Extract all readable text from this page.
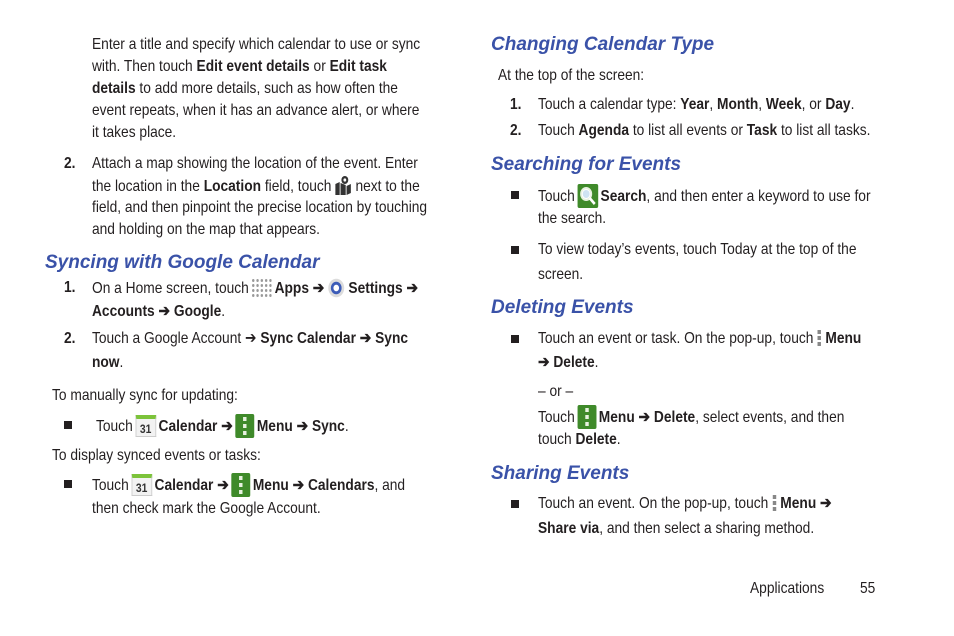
Enter a title and specify which calendar to use or sync
with. Then touch Edit event details or Edit task
details to add more details, such as how often the
event repeats, when it has an advance alert, or where
it takes place.
2. Attach a map showing the location of the event. Enter
the location in the Location field, touch next to the
field, and then pinpoint the precise location by touching
and holding on the map that appears.
Syncing with Google Calendar
1. On a Home screen, touch Apps ➔ Settings ➔
Accounts ➔ Google.
2. Touch a Google Account ➔ Sync Calendar ➔ Sync
now.
To manually sync for updating:
Touch 31 Calendar ➔ Menu ➔ Sync.
To display synced events or tasks:
Touch 31 Calendar ➔ Menu ➔ Calendars, and
then check mark the Google Account.
Changing Calendar Type
At the top of the screen:
1. Touch a calendar type: Year, Month, Week, or Day.
2. Touch Agenda to list all events or Task to list all tasks.
Searching for Events
Touch Search, and then enter a keyword to use for
the search.
To view today’s events, touch Today at the top of the
screen.
Deleting Events
Touch an event or task. On the pop-up, touch Menu
➔ Delete.
– or –
Touch Menu ➔ Delete, select events, and then
touch Delete.
Sharing Events
Touch an event. On the pop-up, touch Menu ➔
Share via, and then select a sharing method.
Applications 55
